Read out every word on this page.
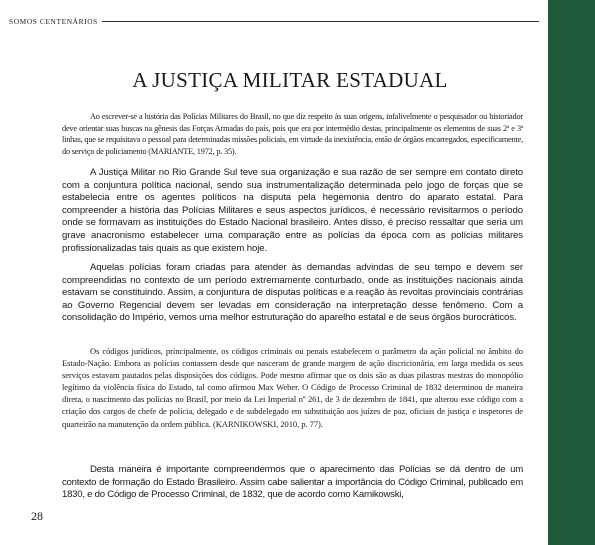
SOMOS CENTENÁRIOS
A JUSTIÇA MILITAR ESTADUAL

Ao escrever-se a história das Polícias Militares do Brasil, no que diz respeito às suas origens, infalivelmente o pesquisador ou historiador deve orientar suas buscas na gênesis das Forças Armadas do país, pois que era por intermédio destas, principalmente os elementos de suas 2ª e 3ª linhas, que se requisitava o pessoal para determinadas missões policiais, em virtude da inexistência, então de órgãos encarregados, especificamente, do serviço de policiamento (MARIANTE, 1972, p. 35).

A Justiça Militar no Rio Grande Sul teve sua organização e sua razão de ser sempre em contato direto com a conjuntura política nacional, sendo sua instrumentalização determinada pelo jogo de forças que se estabelecia entre os agentes políticos na disputa pela hegemonia dentro do aparato estatal. Para compreender a história das Polícias Militares e seus aspectos jurídicos, é necessário revisitarmos o período onde se formavam as instituições do Estado Nacional brasileiro. Antes disso, é preciso ressaltar que seria um grave anacronismo estabelecer uma comparação entre as polícias da época com as polícias militares profissionalizadas tais quais as que existem hoje.

Aquelas polícias foram criadas para atender às demandas advindas de seu tempo e devem ser compreendidas no contexto de um período extremamente conturbado, onde as instituições nacionais ainda estavam se constituindo. Assim, a conjuntura de disputas políticas e a reação às revoltas provinciais contrárias ao Governo Regencial devem ser levadas em consideração na interpretação desse fenômeno. Com a consolidação do Império, vemos uma melhor estruturação do aparelho estatal e de seus órgãos burocráticos.

Os códigos jurídicos, principalmente, os códigos criminais ou penais estabelecem o parâmetro da ação policial no âmbito do Estado-Nação. Embora as polícias contassem desde que nasceram de grande margem de ação discricionária, em larga medida os seus serviços estavam pautados pelas disposições dos códigos. Pode mesmo afirmar que os dois são as duas pilastras mestras do monopólio legítimo da violência física do Estado, tal como afirmou Max Weber. O Código de Processo Criminal de 1832 determinou de maneira direta, o nascimento das polícias no Brasil, por meio da Lei Imperial nº 261, de 3 de dezembro de 1841, que alterou esse código com a criação dos cargos de chefe de polícia, delegado e de subdelegado em substituição aos juízes de paz, oficiais de justiça e inspetores de quarteirão na manutenção da ordem pública. (KARNIKOWSKI, 2010, p. 77).

Desta maneira é importante compreendermos que o aparecimento das Polícias se dá dentro de um contexto de formação do Estado Brasileiro. Assim cabe salientar a importância do Código Criminal, publicado em 1830, e do Código de Processo Criminal, de 1832, que de acordo como Karnikowski,

28
